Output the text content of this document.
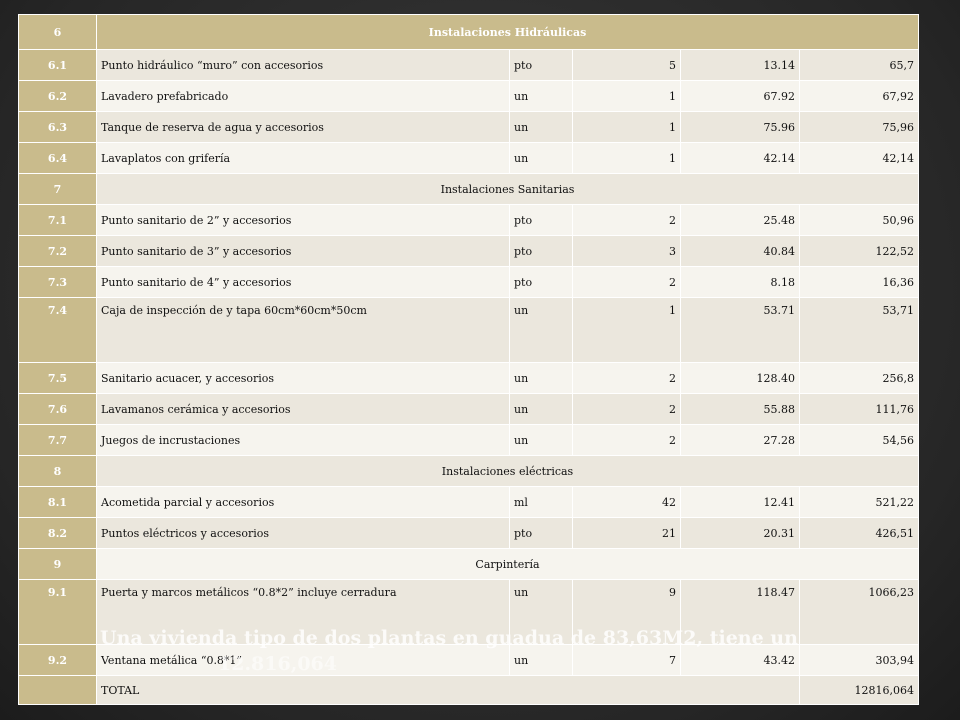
6	Instalaciones Hidráulicas				
6.1	Punto hidráulico “muro” con accesorios	pto	5	13.14	65,7
6.2	Lavadero prefabricado	un	1	67.92	67,92
6.3	Tanque de reserva de agua y accesorios	un	1	75.96	75,96
6.4	Lavaplatos con grifería	un	1	42.14	42,14
7	Instalaciones Sanitarias				
7.1	Punto sanitario de 2” y accesorios	pto	2	25.48	50,96
7.2	Punto sanitario de 3” y accesorios	pto	3	40.84	122,52
7.3	Punto sanitario de 4” y accesorios	pto	2	8.18	16,36
7.4	Caja de inspección de y tapa 60cm*60cm*50cm	un	1	53.71	53,71
7.5	Sanitario acuacer, y accesorios	un	2	128.40	256,8
7.6	Lavamanos cerámica y accesorios	un	2	55.88	111,76
7.7	Juegos de incrustaciones	un	2	27.28	54,56
8	Instalaciones eléctricas				
8.1	Acometida parcial y accesorios	ml	42	12.41	521,22
8.2	Puntos eléctricos y accesorios	pto	21	20.31	426,51
9	Carpintería				
9.1	Puerta y marcos metálicos “0.8*2” incluye cerradura	un	9	118.47	1066,23
9.2	Ventana metálica “0.8*1”	un	7	43.42	303,94
	TOTAL				12816,064
Una vivienda tipo de dos plantas en guadua de 83,63M2, tiene un
12.816,064
